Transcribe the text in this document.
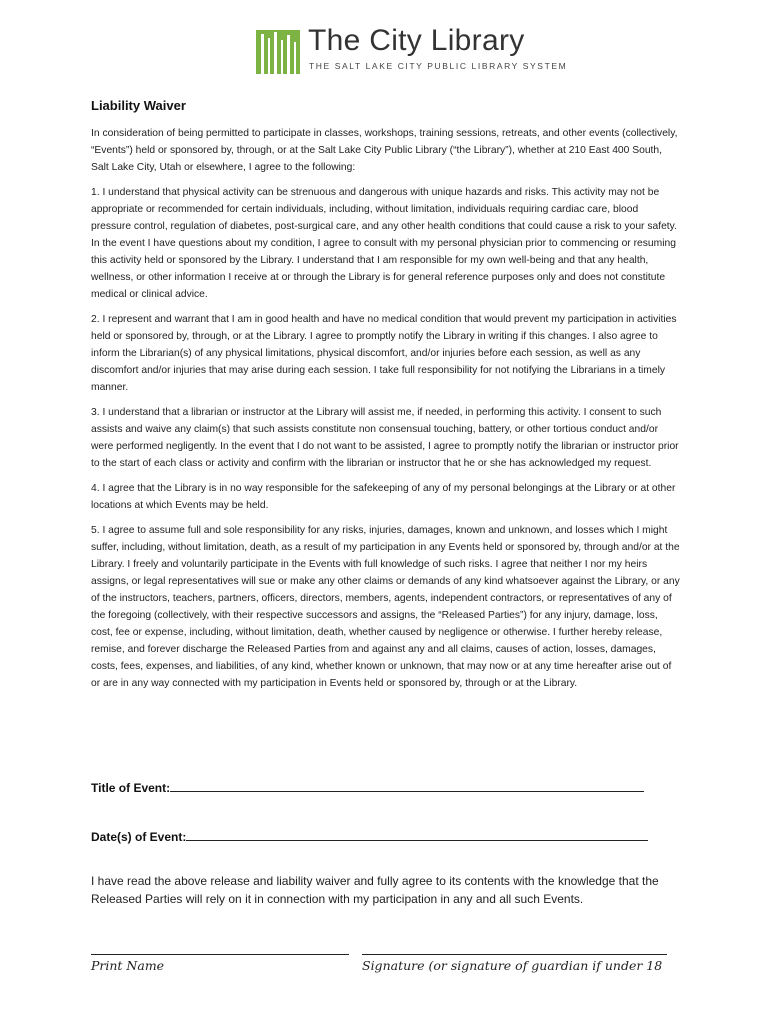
The City Library
THE SALT LAKE CITY PUBLIC LIBRARY SYSTEM
Liability Waiver

In consideration of being permitted to participate in classes, workshops, training sessions, retreats, and other events (collectively, “Events”) held or sponsored by, through, or at the Salt Lake City Public Library (“the Library”), whether at 210 East 400 South, Salt Lake City, Utah or elsewhere, I agree to the following:

1. I understand that physical activity can be strenuous and dangerous with unique hazards and risks. This activity may not be appropriate or recommended for certain individuals, including, without limitation, individuals requiring cardiac care, blood pressure control, regulation of diabetes, post-surgical care, and any other health conditions that could cause a risk to your safety. In the event I have questions about my condition, I agree to consult with my personal physician prior to commencing or resuming this activity held or sponsored by the Library. I understand that I am responsible for my own well-being and that any health, wellness, or other information I receive at or through the Library is for general reference purposes only and does not constitute medical or clinical advice.

2. I represent and warrant that I am in good health and have no medical condition that would prevent my participation in activities held or sponsored by, through, or at the Library. I agree to promptly notify the Library in writing if this changes. I also agree to inform the Librarian(s) of any physical limitations, physical discomfort, and/or injuries before each session, as well as any discomfort and/or injuries that may arise during each session. I take full responsibility for not notifying the Librarians in a timely manner.

3. I understand that a librarian or instructor at the Library will assist me, if needed, in performing this activity. I consent to such assists and waive any claim(s) that such assists constitute non consensual touching, battery, or other tortious conduct and/or were performed negligently. In the event that I do not want to be assisted, I agree to promptly notify the librarian or instructor prior to the start of each class or activity and confirm with the librarian or instructor that he or she has acknowledged my request.

4. I agree that the Library is in no way responsible for the safekeeping of any of my personal belongings at the Library or at other locations at which Events may be held.

5. I agree to assume full and sole responsibility for any risks, injuries, damages, known and unknown, and losses which I might suffer, including, without limitation, death, as a result of my participation in any Events held or sponsored by, through and/or at the Library. I freely and voluntarily participate in the Events with full knowledge of such risks. I agree that neither I nor my heirs assigns, or legal representatives will sue or make any other claims or demands of any kind whatsoever against the Library, or any of the instructors, teachers, partners, officers, directors, members, agents, independent contractors, or representatives of any of the foregoing (collectively, with their respective successors and assigns, the “Released Parties”) for any injury, damage, loss, cost, fee or expense, including, without limitation, death, whether caused by negligence or otherwise. I further hereby release, remise, and forever discharge the Released Parties from and against any and all claims, causes of action, losses, damages, costs, fees, expenses, and liabilities, of any kind, whether known or unknown, that may now or at any time hereafter arise out of or are in any way connected with my participation in Events held or sponsored by, through or at the Library.

Title of Event:
Date(s) of Event:
I have read the above release and liability waiver and fully agree to its contents with the knowledge that the Released Parties will rely on it in connection with my participation in any and all such Events.
Print Name	Signature (or signature of guardian if under 18
